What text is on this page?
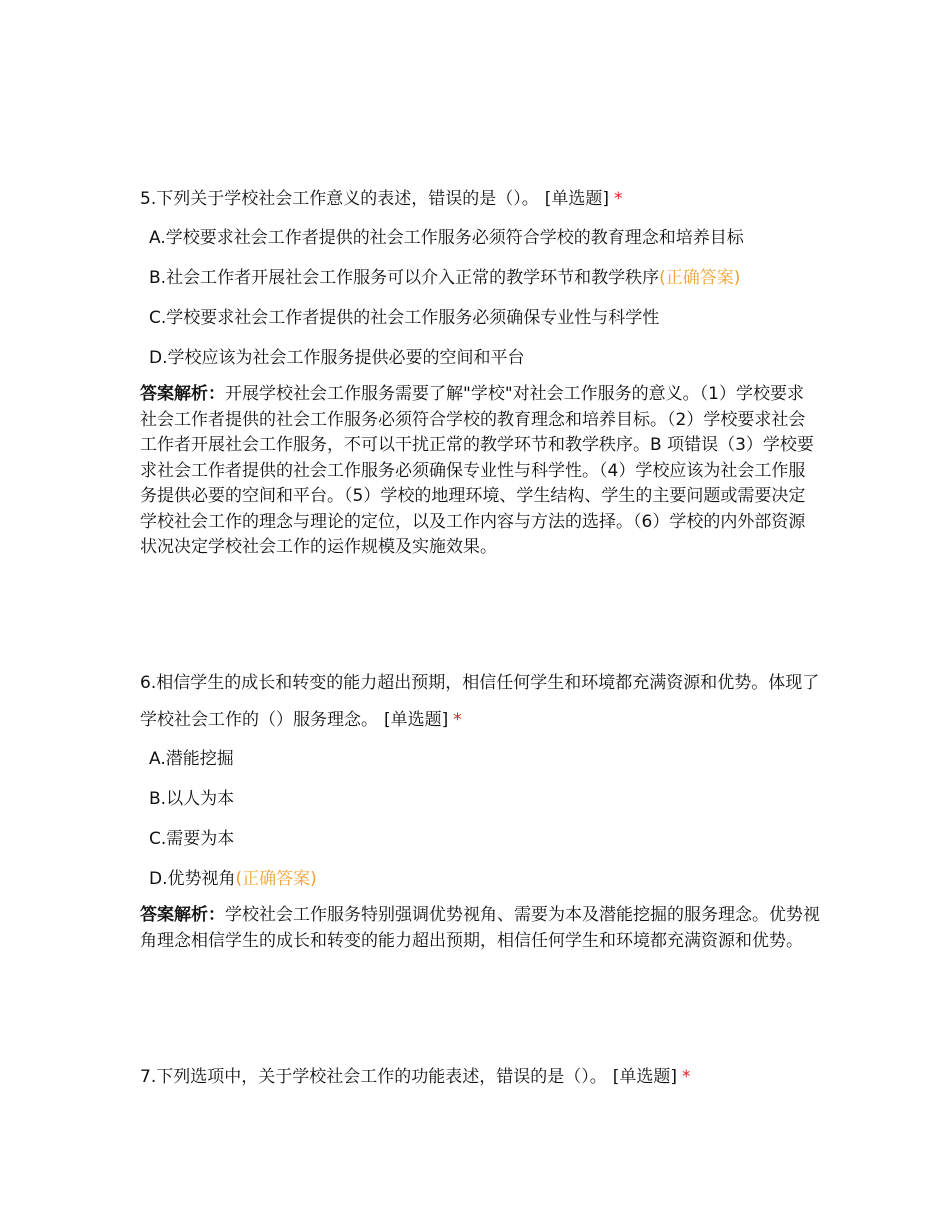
5.下列关于学校社会工作意义的表述，错误的是（）。 [单选题] *

A.学校要求社会工作者提供的社会工作服务必须符合学校的教育理念和培养目标
B.社会工作者开展社会工作服务可以介入正常的教学环节和教学秩序(正确答案)
C.学校要求社会工作者提供的社会工作服务必须确保专业性与科学性
D.学校应该为社会工作服务提供必要的空间和平台

答案解析：开展学校社会工作服务需要了解"学校"对社会工作服务的意义。（1）学校要求社会工作者提供的社会工作服务必须符合学校的教育理念和培养目标。（2）学校要求社会工作者开展社会工作服务，不可以干扰正常的教学环节和教学秩序。B 项错误（3）学校要求社会工作者提供的社会工作服务必须确保专业性与科学性。（4）学校应该为社会工作服务提供必要的空间和平台。（5）学校的地理环境、学生结构、学生的主要问题或需要决定学校社会工作的理念与理论的定位，以及工作内容与方法的选择。（6）学校的内外部资源状况决定学校社会工作的运作规模及实施效果。

6.相信学生的成长和转变的能力超出预期，相信任何学生和环境都充满资源和优势。体现了学校社会工作的（）服务理念。 [单选题] *

A.潜能挖掘
B.以人为本
C.需要为本
D.优势视角(正确答案)

答案解析：学校社会工作服务特别强调优势视角、需要为本及潜能挖掘的服务理念。优势视角理念相信学生的成长和转变的能力超出预期，相信任何学生和环境都充满资源和优势。

7.下列选项中，关于学校社会工作的功能表述，错误的是（）。 [单选题] *
